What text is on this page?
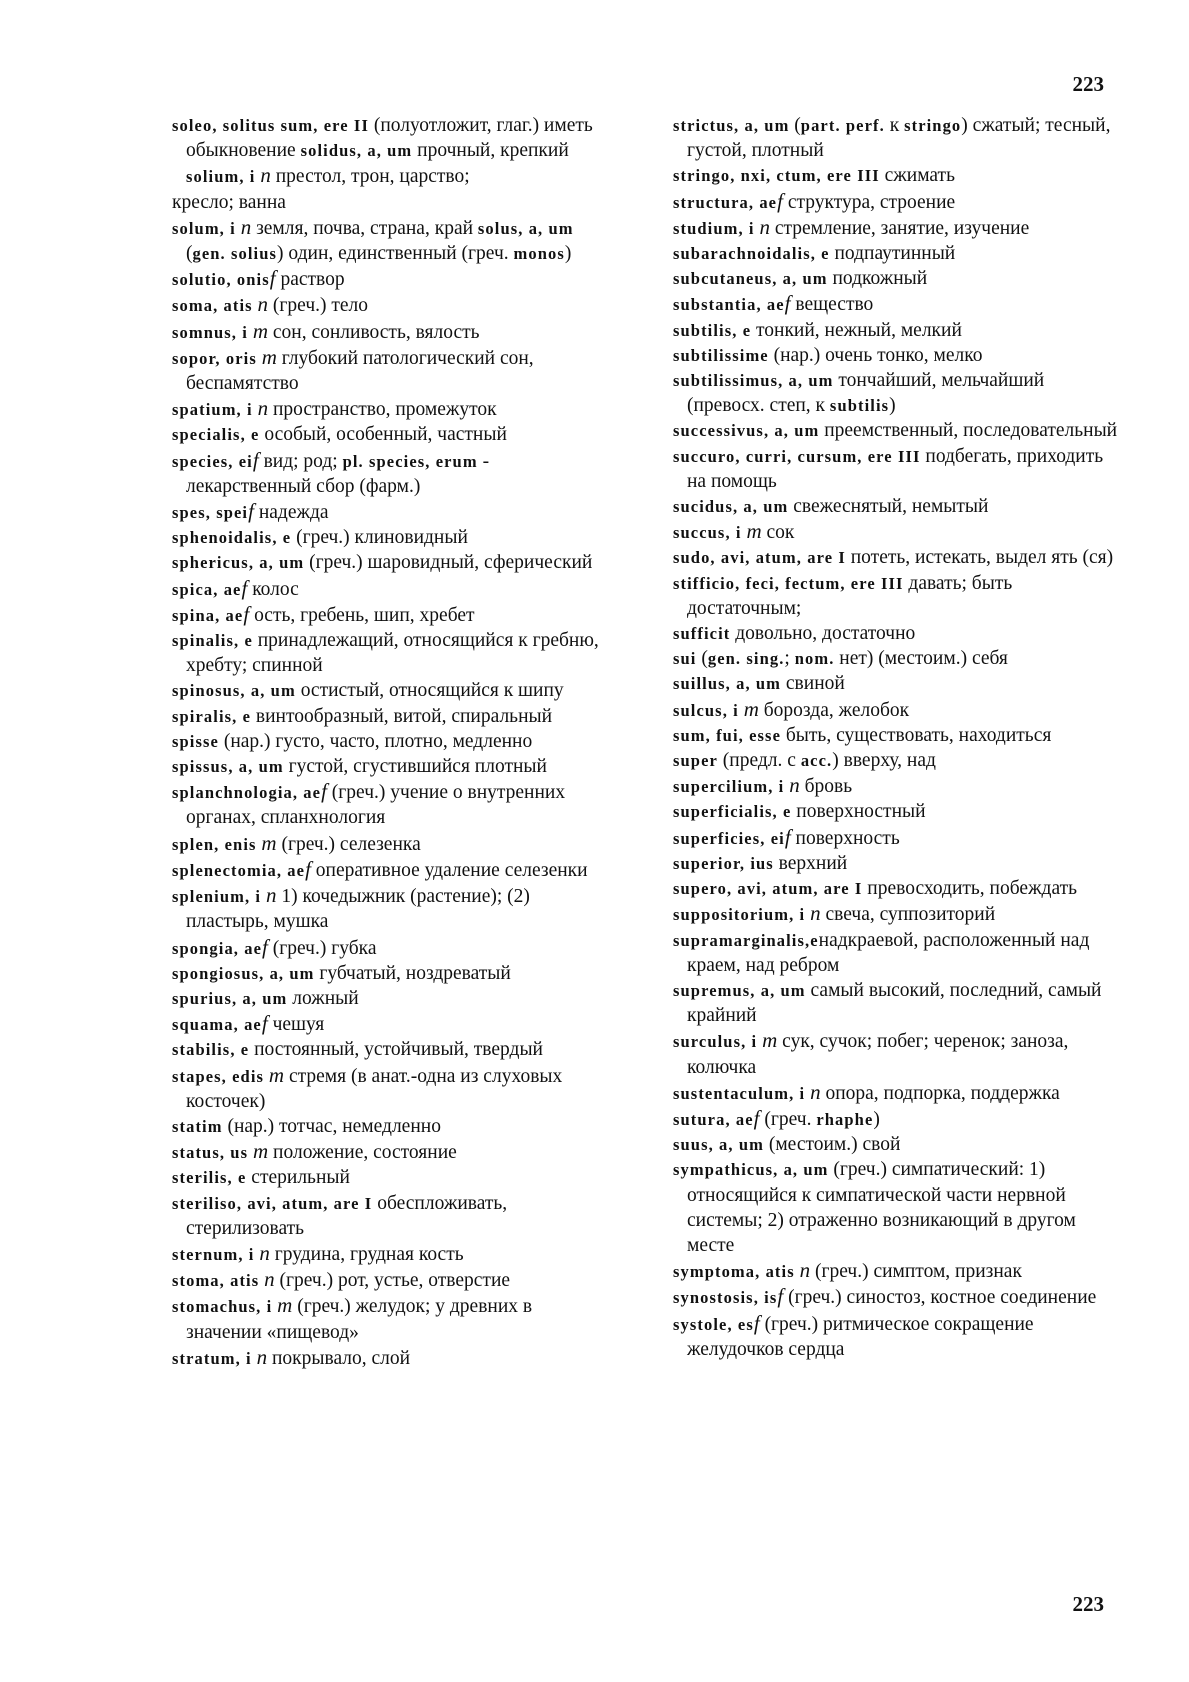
223

soleo, solitus sum, ere II (полуотложит, глаг.) иметь обыкновение solidus, a, um прочный, крепкий solium, i n престол, трон, царство;

кресло; ванна

solum, i n земля, почва, страна, край solus, a, um (gen. solius) один, единственный (греч. monos)

solutio, onisf раствор

soma, atis n (греч.) тело

somnus, i m сон, сонливость, вялость

sopor, oris m глубокий патологический сон, беспамятство

spatium, i n пространство, промежуток

specialis, e особый, особенный, частный

species, eif вид; род; pl. species, erum - лекарственный сбор (фарм.)

spes, speif надежда

sphenoidalis, e (греч.) клиновидный

sphericus, a, um (греч.) шаровидный, сферический

spica, aef колос

spina, aef ость, гребень, шип, хребет

spinalis, e принадлежащий, относящийся к гребню, хребту; спинной

spinosus, a, um остистый, относящийся к шипу

spiralis, e винтообразный, витой, спиральный

spisse (нар.) густо, часто, плотно, медленно

spissus, a, um густой, сгустившийся плотный

splanchnologia, aef (греч.) учение о внутренних органах, спланхнология

splen, enis m (греч.) селезенка

splenectomia, aef оперативное удаление селезенки

splenium, i n 1) кочедыжник (растение); (2) пластырь, мушка

spongia, aef (греч.) губка

spongiosus, a, um губчатый, ноздреватый

spurius, a, um ложный

squama, aef чешуя

stabilis, e постоянный, устойчивый, твердый

stapes, edis m стремя (в анат.-одна из слуховых косточек)

statim (нар.) тотчас, немедленно

status, us m положение, состояние

sterilis, e стерильный

steriliso, avi, atum, are I обеспложивать, стерилизовать

sternum, i n грудина, грудная кость

stoma, atis n (греч.) рот, устье, отверстие

stomachus, i m (греч.) желудок; у древних в значении «пищевод»

stratum, i n покрывало, слой

strictus, a, um (part. perf. к stringo) сжатый; тесный, густой, плотный

stringo, nxi, ctum, ere III сжимать

structura, aef структура, строение

studium, i n стремление, занятие, изучение

subarachnoidalis, e подпаутинный

subcutaneus, a, um подкожный

substantia, aef вещество

subtilis, e тонкий, нежный, мелкий

subtilissime (нар.) очень тонко, мелко

subtilissimus, a, um тончайший, мельчайший (превосх. степ, к subtilis)

successivus, a, um преемственный, последовательный

succuro, curri, cursum, ere III подбегать, приходить на помощь

sucidus, a, um свежеснятый, немытый

succus, i m сок

sudo, avi, atum, are I потеть, истекать, выдел ять (ся)

stifficio, feci, fectum, ere III давать; быть достаточным;

sufficit довольно, достаточно

sui (gen. sing.; nom. нет) (местоим.) себя

suillus, a, um свиной

sulcus, i m борозда, желобок

sum, fui, esse быть, существовать, находиться

super (предл. с acc.) вверху, над

supercilium, i n бровь

superficialis, e поверхностный

superficies, eif поверхность

superior, ius верхний

supero, avi, atum, are I превосходить, побеждать

suppositorium, i n свеча, суппозиторий

supramarginalis,eнадкраевой, расположенный над краем, над ребром

supremus, a, um самый высокий, последний, самый крайний

surculus, i m сук, сучок; побег; черенок; заноза, колючка

sustentaculum, i n опора, подпорка, поддержка

sutura, aef (греч. rhaphe)

suus, a, um (местоим.) свой

sympathicus, a, um (греч.) симпатический: 1) относящийся к симпатической части нервной системы; 2) отраженно возникающий в другом месте

symptoma, atis n (греч.) симптом, признак

synostosis, isf (греч.) синостоз, костное соединение

systole, esf (греч.) ритмическое сокращение желудочков сердца

223
